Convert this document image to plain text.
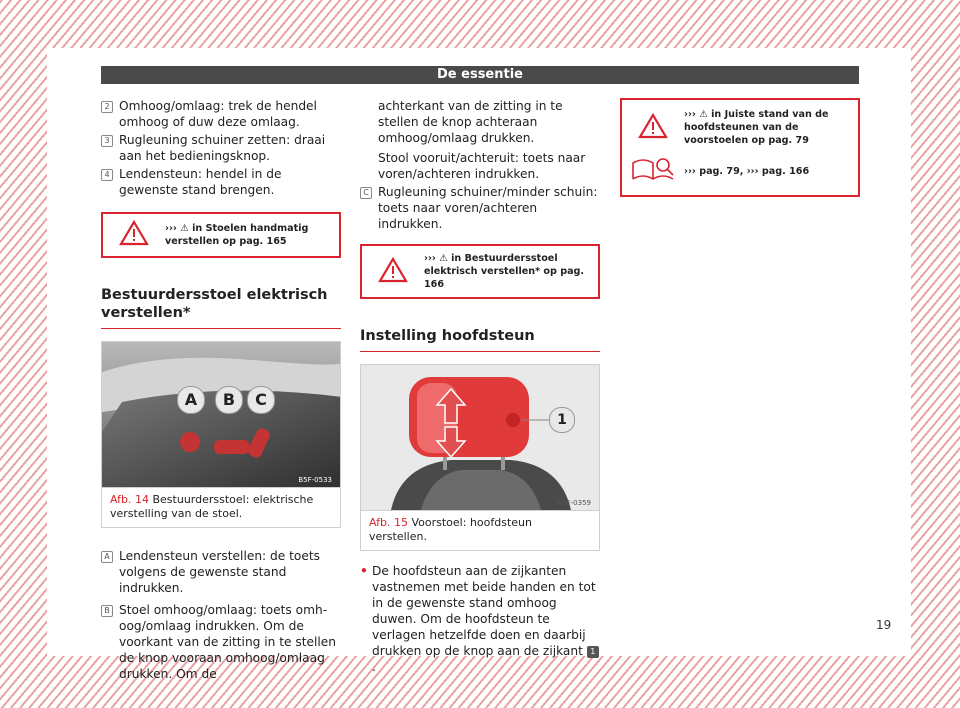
De essentie
2 Omhoog/omlaag: trek de hendel omhoog of duw deze omlaag.
3 Rugleuning schuiner zetten: draai aan het bedieningsknop.
4 Lendensteun: hendel in de gewenste stand brengen.
››› ⚠ in Stoelen handmatig verstellen op pag. 165
Bestuurdersstoel elektrisch verstellen*
A	B	C
B5F-0533
Afb. 14 Bestuurdersstoel: elektrische verstelling van de stoel.
A Lendensteun verstellen: de toets volgens de gewenste stand indrukken.
B Stoel omhoog/omlaag: toets omhoog/omlaag indrukken. Om de voorkant van de zitting in te stellen de knop vooraan omhoog/omlaag drukken. Om de
achterkant van de zitting in te stellen de knop achteraan omhoog/omlaag drukken.
Stool vooruit/achteruit: toets naar voren/achteren indrukken.
C Rugleuning schuiner/minder schuin: toets naar voren/achteren indrukken.
››› ⚠ in Bestuurdersstoel elektrisch verstellen* op pag. 166
Instelling hoofdsteun
1
B5F-0359
Afb. 15 Voorstoel: hoofdsteun verstellen.
• De hoofdsteun aan de zijkanten vastnemen met beide handen en tot in de gewenste stand omhoog duwen. Om de hoofdsteun te verlagen hetzelfde doen en daarbij drukken op de knop aan de zijkant 1.
››› ⚠ in Juiste stand van de hoofdsteunen van de voorstoelen op pag. 79
››› pag. 79, ››› pag. 166
19
